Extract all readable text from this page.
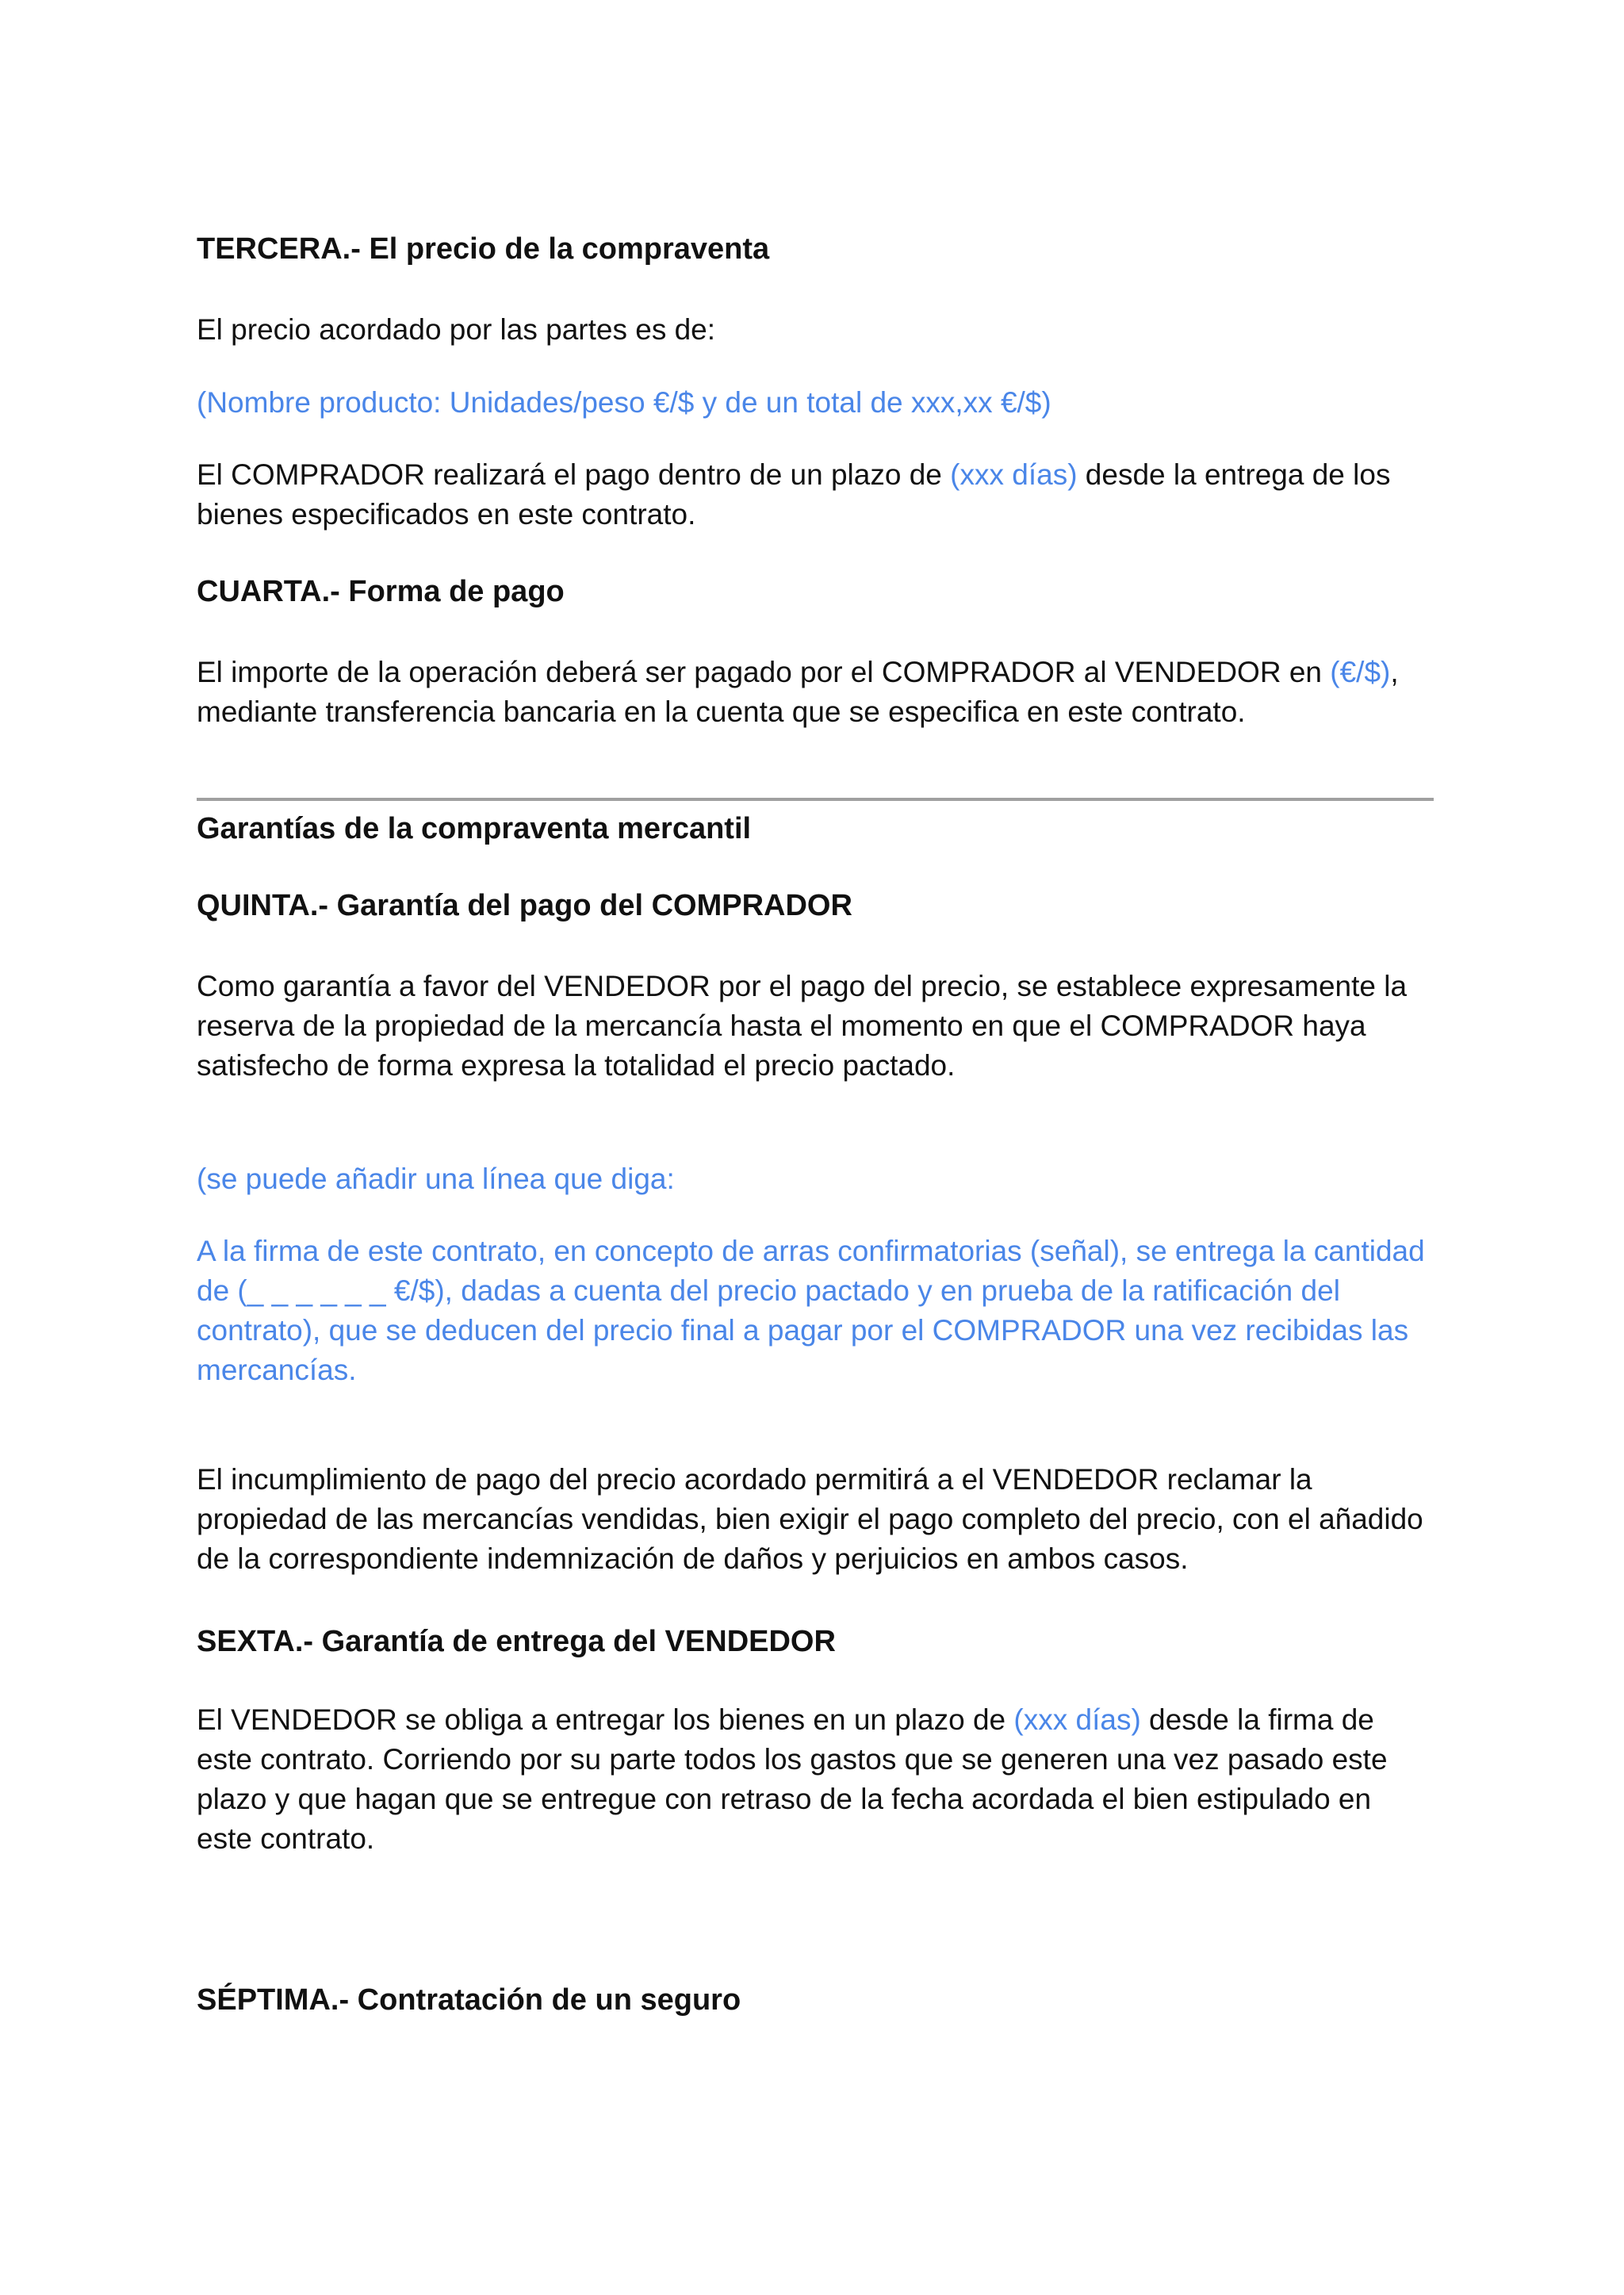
TERCERA.- El precio de la compraventa

El precio acordado por las partes es de:

(Nombre producto: Unidades/peso €/$ y de un total de xxx,xx €/$)

El COMPRADOR realizará el pago dentro de un plazo de (xxx días) desde la entrega de los bienes especificados en este contrato.

CUARTA.- Forma de pago

El importe de la operación deberá ser pagado por el COMPRADOR al VENDEDOR en (€/$), mediante transferencia bancaria en la cuenta que se especifica en este contrato.

Garantías de la compraventa mercantil

QUINTA.- Garantía del pago del COMPRADOR

Como garantía a favor del VENDEDOR por el pago del precio, se establece expresamente la reserva de la propiedad de la mercancía hasta el momento en que el COMPRADOR haya satisfecho de forma expresa la totalidad el precio pactado.

(se puede añadir una línea que diga:

A la firma de este contrato, en concepto de arras confirmatorias (señal), se entrega la cantidad de (_ _ _ _ _ _ €/$), dadas a cuenta del precio pactado y en prueba de la ratificación del contrato), que se deducen del precio final a pagar por el COMPRADOR una vez recibidas las mercancías.

El incumplimiento de pago del precio acordado permitirá a el VENDEDOR reclamar la propiedad de las mercancías vendidas, bien exigir el pago completo del precio, con el añadido de la correspondiente indemnización de daños y perjuicios en ambos casos.

SEXTA.- Garantía de entrega del VENDEDOR

El VENDEDOR se obliga a entregar los bienes en un plazo de (xxx días) desde la firma de este contrato. Corriendo por su parte todos los gastos que se generen una vez pasado este plazo y que hagan que se entregue con retraso de la fecha acordada el bien estipulado en este contrato.

SÉPTIMA.- Contratación de un seguro
